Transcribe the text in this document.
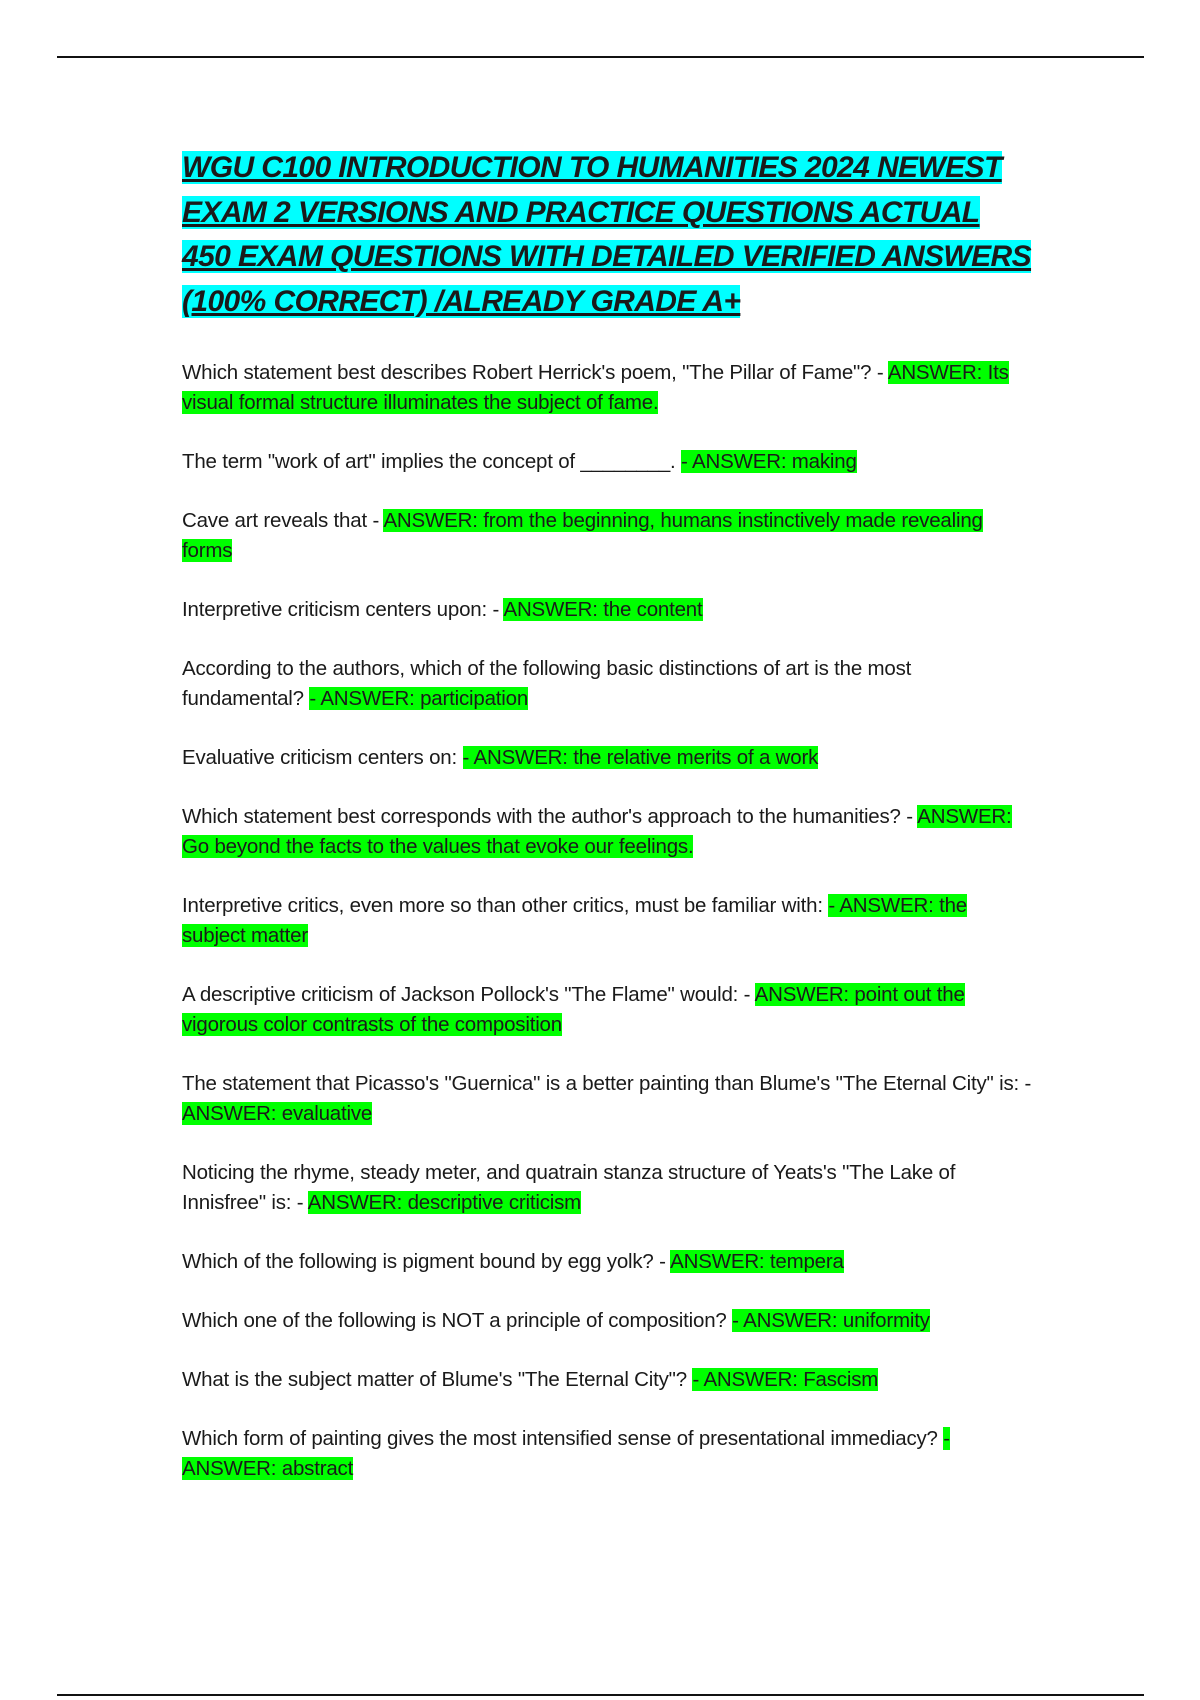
WGU C100 INTRODUCTION TO HUMANITIES 2024 NEWEST EXAM 2 VERSIONS AND PRACTICE QUESTIONS ACTUAL 450 EXAM QUESTIONS WITH DETAILED VERIFIED ANSWERS (100% CORRECT) /ALREADY GRADE A+

Which statement best describes Robert Herrick's poem, "The Pillar of Fame"? - ANSWER: Its visual formal structure illuminates the subject of fame.

The term "work of art" implies the concept of ________. - ANSWER: making

Cave art reveals that - ANSWER: from the beginning, humans instinctively made revealing forms

Interpretive criticism centers upon: - ANSWER: the content

According to the authors, which of the following basic distinctions of art is the most fundamental? - ANSWER: participation

Evaluative criticism centers on: - ANSWER: the relative merits of a work

Which statement best corresponds with the author's approach to the humanities? - ANSWER: Go beyond the facts to the values that evoke our feelings.

Interpretive critics, even more so than other critics, must be familiar with: - ANSWER: the subject matter

A descriptive criticism of Jackson Pollock's "The Flame" would: - ANSWER: point out the vigorous color contrasts of the composition

The statement that Picasso's "Guernica" is a better painting than Blume's "The Eternal City" is: - ANSWER: evaluative

Noticing the rhyme, steady meter, and quatrain stanza structure of Yeats's "The Lake of Innisfree" is: - ANSWER: descriptive criticism

Which of the following is pigment bound by egg yolk? - ANSWER: tempera

Which one of the following is NOT a principle of composition? - ANSWER: uniformity

What is the subject matter of Blume's "The Eternal City"? - ANSWER: Fascism

Which form of painting gives the most intensified sense of presentational immediacy? - ANSWER: abstract
